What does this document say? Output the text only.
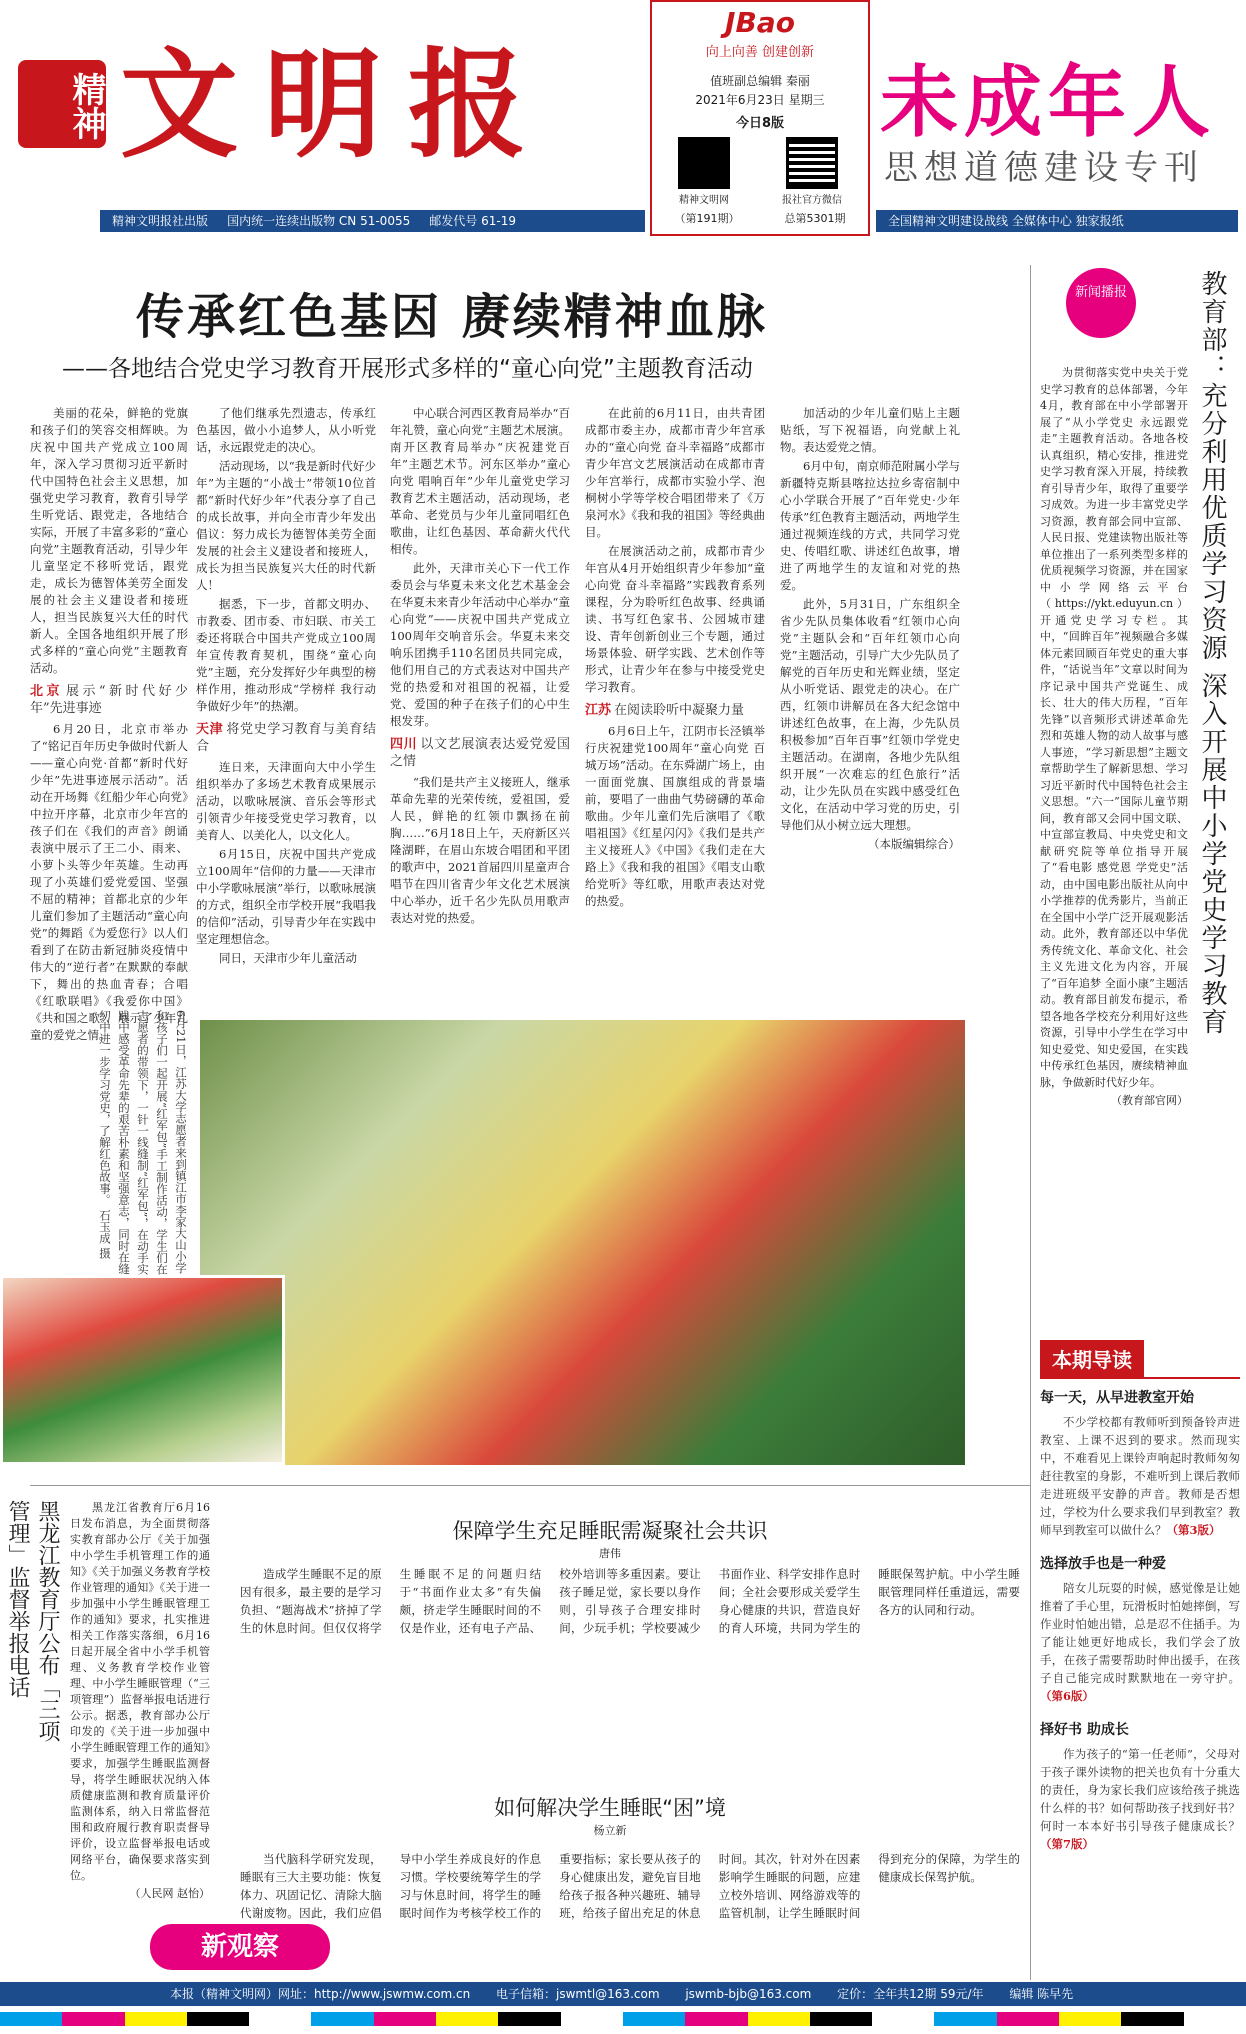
精神 文明报
JBao
向上向善 创建创新
值班副总编辑 秦丽
2021年6月23日 星期三
今日8版
精神文明网	报社官方微信
（第191期）	总第5301期
未成年人
思想道德建设专刊
精神文明报社出版 国内统一连续出版物 CN 51-0055 邮发代号 61-19	全国精神文明建设战线 全媒体中心 独家报纸
传承红色基因 赓续精神血脉
——各地结合党史学习教育开展形式多样的“童心向党”主题教育活动

美丽的花朵，鲜艳的党旗和孩子们的笑容交相辉映。为庆祝中国共产党成立100周年，深入学习贯彻习近平新时代中国特色社会主义思想，加强党史学习教育，教育引导学生听党话、跟党走，各地结合实际，开展了丰富多彩的“童心向党”主题教育活动，引导少年儿童坚定不移听党话，跟党走，成长为德智体美劳全面发展的社会主义建设者和接班人，担当民族复兴大任的时代新人。全国各地组织开展了形式多样的“童心向党”主题教育活动。

北京 展示“新时代好少年”先进事迹

6月20日，北京市举办了“铭记百年历史争做时代新人——童心向党·首都“新时代好少年”先进事迹展示活动”。活动在开场舞《红船少年心向党》中拉开序幕，北京市少年宫的孩子们在《我们的声音》朗诵表演中展示了王二小、雨来、小萝卜头等少年英雄。生动再现了小英雄们爱党爱国、坚强不屈的精神；首都北京的少年儿童们参加了主题活动“童心向党”的舞蹈《为爱您行》以人们看到了在防击新冠肺炎疫情中伟大的“逆行者”在默默的奉献下，舞出的热血青春；合唱《红歌联唱》《我爱你中国》《共和国之歌》，展示了少年儿童的爱党之情。

了他们继承先烈遗志，传承红色基因，做小小追梦人，从小听党话，永远跟党走的决心。

活动现场，以“我是新时代好少年”为主题的“小战士”带领10位首都“新时代好少年”代表分享了自己的成长故事，并向全市青少年发出倡议：努力成长为德智体美劳全面发展的社会主义建设者和接班人，成长为担当民族复兴大任的时代新人！

据悉，下一步，首都文明办、市教委、团市委、市妇联、市关工委还将联合中国共产党成立100周年宣传教育契机，围绕“童心向党”主题，充分发挥好少年典型的榜样作用，推动形成“学榜样 我行动争做好少年”的热潮。

天津 将党史学习教育与美育结合

连日来，天津面向大中小学生组织举办了多场艺术教育成果展示活动，以歌咏展演、音乐会等形式引领青少年接受党史学习教育，以美育人、以美化人，以文化人。

6月15日，庆祝中国共产党成立100周年“信仰的力量——天津市中小学歌咏展演”举行，以歌咏展演的方式，组织全市学校开展“我唱我的信仰”活动，引导青少年在实践中坚定理想信念。

同日，天津市少年儿童活动

中心联合河西区教育局举办“百年礼赞，童心向党”主题艺术展演。南开区教育局举办“庆祝建党百年”主题艺术节。河东区举办“童心向党 唱响百年”少年儿童党史学习教育艺术主题活动，活动现场，老革命、老党员与少年儿童同唱红色歌曲，让红色基因、革命薪火代代相传。

此外，天津市关心下一代工作委员会与华夏未来文化艺术基金会在华夏未来青少年活动中心举办“童心向党”——庆祝中国共产党成立100周年交响音乐会。华夏未来交响乐团携手110名团员共同完成，他们用自己的方式表达对中国共产党的热爱和对祖国的祝福，让爱党、爱国的种子在孩子们的心中生根发芽。

四川 以文艺展演表达爱党爱国之情

“我们是共产主义接班人，继承革命先辈的光荣传统，爱祖国，爱人民，鲜艳的红领巾飘扬在前胸……”6月18日上午，天府新区兴隆湖畔，在眉山东坡合唱团和平团的歌声中，2021首届四川星童声合唱节在四川省青少年文化艺术展演中心举办，近千名少先队员用歌声表达对党的热爱。

在此前的6月11日，由共青团成都市委主办，成都市青少年宫承办的“童心向党 奋斗幸福路”成都市青少年宫文艺展演活动在成都市青少年宫举行，成都市实验小学、泡桐树小学等学校合唱团带来了《万泉河水》《我和我的祖国》等经典曲目。

在展演活动之前，成都市青少年宫从4月开始组织青少年参加“童心向党 奋斗幸福路”实践教育系列课程，分为聆听红色故事、经典诵读、书写红色家书、公园城市建设、青年创新创业三个专题，通过场景体验、研学实践、艺术创作等形式，让青少年在参与中接受党史学习教育。

江苏 在阅读聆听中凝聚力量

6月6日上午，江阴市长泾镇举行庆祝建党100周年“童心向党 百城万场”活动。在东舜湖广场上，由一面面党旗、国旗组成的背景墙前，要唱了一曲曲气势磅礴的革命歌曲。少年儿童们先后演唱了《歌唱祖国》《红星闪闪》《我们是共产主义接班人》《中国》《我们走在大路上》《我和我的祖国》《唱支山歌给党听》等红歌，用歌声表达对党的热爱。

加活动的少年儿童们贴上主题贴纸，写下祝福语，向党献上礼物。表达爱党之情。

6月中旬，南京师范附属小学与新疆特克斯县喀拉达拉乡寄宿制中心小学联合开展了“百年党史·少年传承”红色教育主题活动，两地学生通过视频连线的方式，共同学习党史、传唱红歌、讲述红色故事，增进了两地学生的友谊和对党的热爱。

此外，5月31日，广东组织全省少先队员集体收看“红领巾心向党”主题队会和“百年红领巾心向党”主题活动，引导广大少先队员了解党的百年历史和光辉业绩，坚定从小听党话、跟党走的决心。在广西，红领巾讲解员在各大纪念馆中讲述红色故事，在上海，少先队员积极参加“百年百事”红领巾学党史主题活动。在湖南，各地少先队组织开展“一次难忘的红色旅行”活动，让少先队员在实践中感受红色文化，在活动中学习党的历史，引导他们从小树立远大理想。

（本版编辑综合）
6月21日，江苏大学志愿者来到镇江市李家大山小学和孩子们一起开展“红军包”手工制作活动，学生们在志愿者的带领下，一针一线缝制“红军包”，在动手实践中感受革命先辈的艰苦朴素和坚强意志，同时在缝纫中进一步学习党史，了解红色故事。 石玉成 摄
新闻播报	教育部：充分利用优质学习资源 深入开展中小学党史学习教育

为贯彻落实党中央关于党史学习教育的总体部署，今年4月，教育部在中小学部署开展了“从小学党史 永远跟党走”主题教育活动。各地各校认真组织，精心安排，推进党史学习教育深入开展，持续教育引导青少年，取得了重要学习成效。为进一步丰富党史学习资源，教育部会同中宣部、人民日报、党建读物出版社等单位推出了一系列类型多样的优质视频学习资源，并在国家中小学网络云平台（https://ykt.eduyun.cn）开通党史学习专栏。其中，“回眸百年”视频融合多媒体元素回顾百年党史的重大事件，“话说当年”文章以时间为序记录中国共产党诞生、成长、壮大的伟大历程，“百年先锋”以音频形式讲述革命先烈和英雄人物的动人故事与感人事迹，“学习新思想”主题文章帮助学生了解新思想、学习习近平新时代中国特色社会主义思想。“六一”国际儿童节期间，教育部又会同中国文联、中宣部宣教局、中央党史和文献研究院等单位指导开展了“看电影 感党恩 学党史”活动，由中国电影出版社从向中小学推荐的优秀影片，当前正在全国中小学广泛开展观影活动。此外，教育部还以中华优秀传统文化、革命文化、社会主义先进文化为内容，开展了“百年追梦 全面小康”主题活动。教育部目前发布提示，希望各地各学校充分利用好这些资源，引导中小学生在学习中知史爱党、知史爱国，在实践中传承红色基因，赓续精神血脉，争做新时代好少年。

（教育部官网）
本期导读
每一天，从早进教室开始
不少学校都有教师听到预备铃声进教室、上课不迟到的要求。然而现实中，不难看见上课铃声响起时教师匆匆赶往教室的身影，不难听到上课后教师走进班级平安静的声音。教师是否想过，学校为什么要求我们早到教室？教师早到教室可以做什么？（第3版）
选择放手也是一种爱
陪女儿玩耍的时候，感觉像是让她推着了手心里，玩滑板时怕她摔倒，写作业时怕她出错，总是忍不住插手。为了能让她更好地成长，我们学会了放手，在孩子需要帮助时伸出援手，在孩子自己能完成时默默地在一旁守护。（第6版）
择好书 助成长
作为孩子的“第一任老师”，父母对于孩子课外读物的把关也负有十分重大的责任，身为家长我们应该给孩子挑选什么样的书？如何帮助孩子找到好书？何时一本本好书引导孩子健康成长？（第7版）
黑龙江教育厅公布「三项管理」监督举报电话	黑龙江省教育厅6月16日发布消息，为全面贯彻落实教育部办公厅《关于加强中小学生手机管理工作的通知》《关于加强义务教育学校作业管理的通知》《关于进一步加强中小学生睡眠管理工作的通知》要求，扎实推进相关工作落实落细，6月16日起开展全省中小学手机管理、义务教育学校作业管理、中小学生睡眠管理（“三项管理”）监督举报电话进行公示。据悉，教育部办公厅印发的《关于进一步加强中小学生睡眠管理工作的通知》要求，加强学生睡眠监测督导，将学生睡眠状况纳入体质健康监测和教育质量评价监测体系，纳入日常监督范围和政府履行教育职责督导评价，设立监督举报电话或网络平台，确保要求落实到位。

（人民网 赵怡）
新观察
保障学生充足睡眠需凝聚社会共识
唐伟

造成学生睡眠不足的原因有很多，最主要的是学习负担、“题海战术”挤掉了学生的休息时间。但仅仅将学生睡眠不足的问题归结于“书面作业太多”有失偏颇，挤走学生睡眠时间的不仅是作业，还有电子产品、校外培训等多重因素。要让孩子睡足觉，家长要以身作则，引导孩子合理安排时间，少玩手机；学校要减少书面作业、科学安排作息时间；全社会要形成关爱学生身心健康的共识，营造良好的育人环境，共同为学生的睡眠保驾护航。中小学生睡眠管理同样任重道远，需要各方的认同和行动。

如何解决学生睡眠“困”境
杨立新

当代脑科学研究发现，睡眠有三大主要功能：恢复体力、巩固记忆、清除大脑代谢废物。因此，我们应倡导中小学生养成良好的作息习惯。学校要统筹学生的学习与休息时间，将学生的睡眠时间作为考核学校工作的重要指标；家长要从孩子的身心健康出发，避免盲目地给孩子报各种兴趣班、辅导班，给孩子留出充足的休息时间。其次，针对外在因素影响学生睡眠的问题，应建立校外培训、网络游戏等的监管机制，让学生睡眠时间得到充分的保障，为学生的健康成长保驾护航。

本报（精神文明网）网址：http://www.jswmw.com.cn 电子信箱：jswmtl@163.com jswmb-bjb@163.com 定价：全年共12期 59元/年 编辑 陈早先
